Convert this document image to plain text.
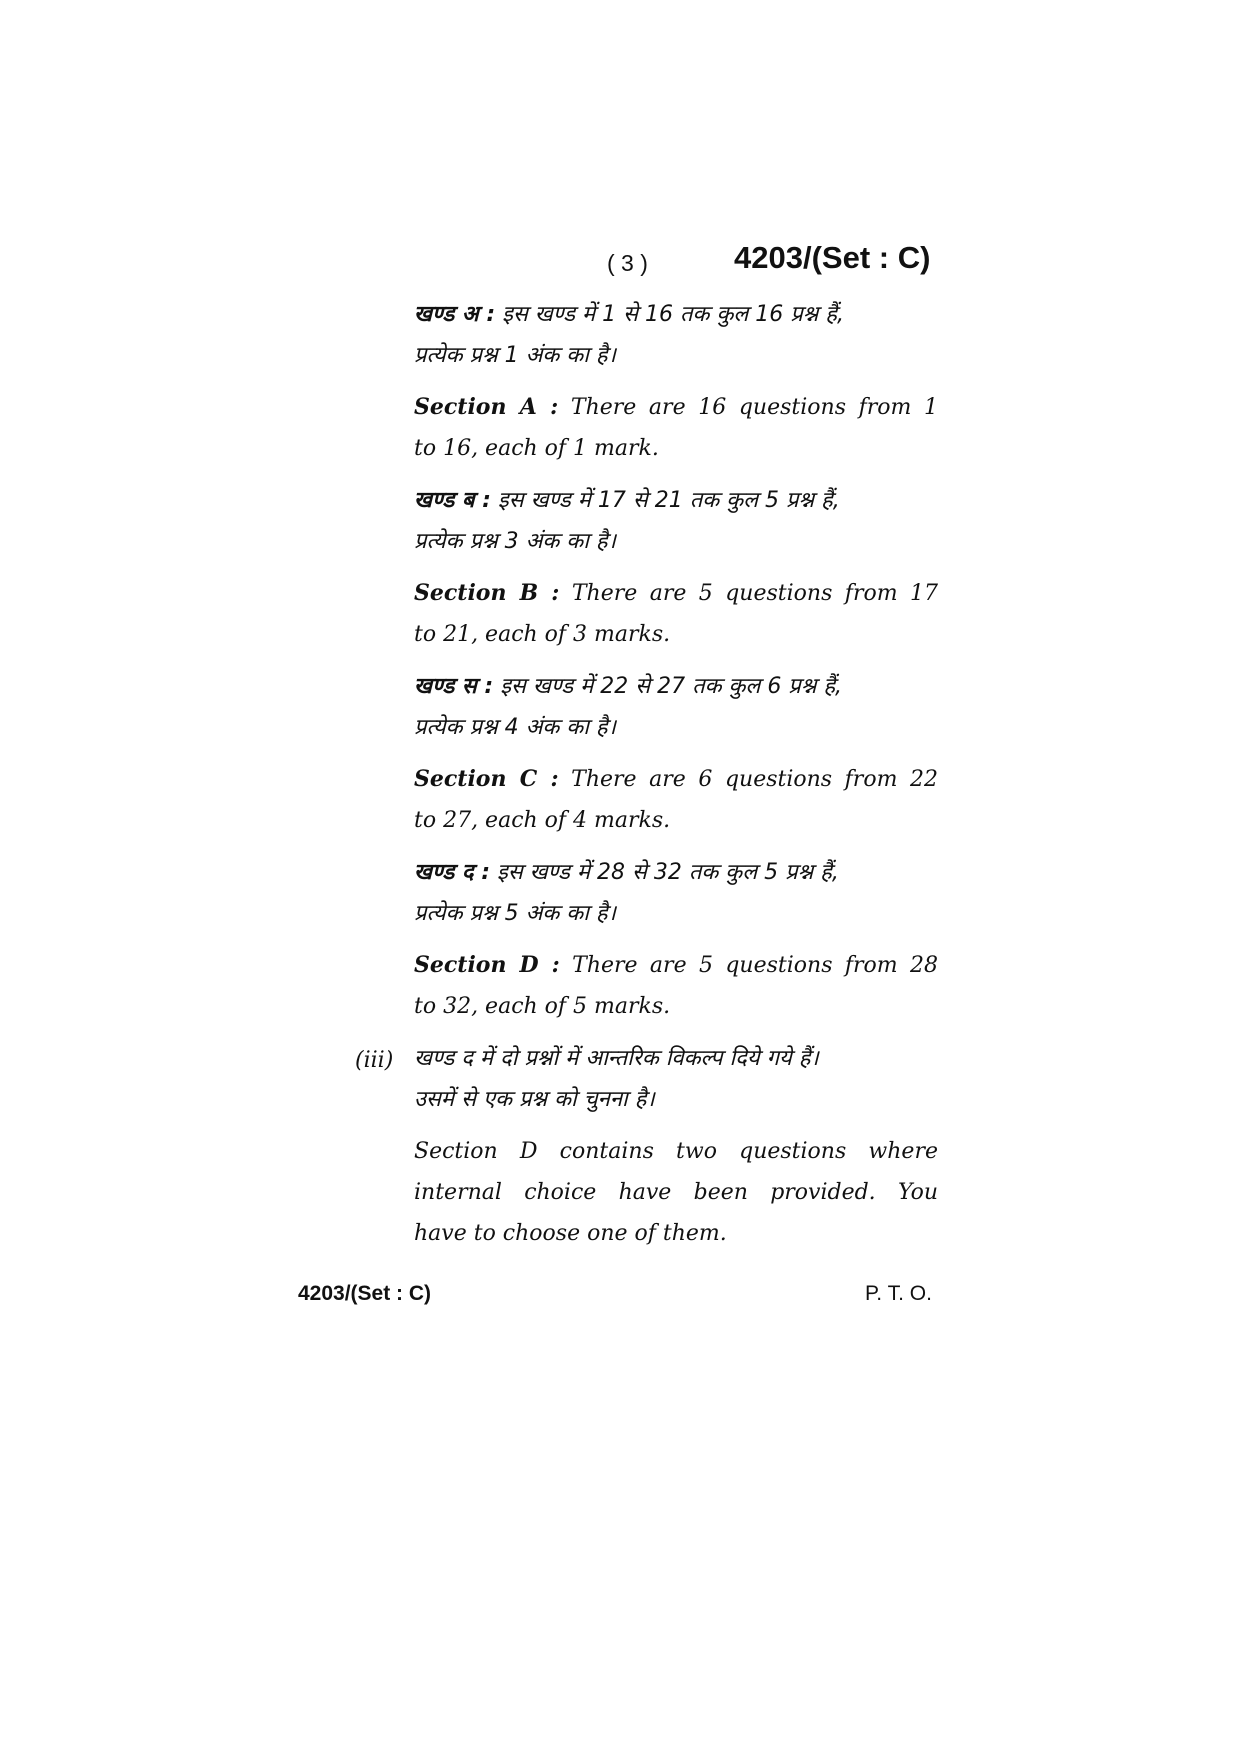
( 3 )	4203/(Set : C)
खण्ड अ : इस खण्ड में 1 से 16 तक कुल 16 प्रश्न हैं,
प्रत्येक प्रश्न 1 अंक का है।
Section A : There are 16 questions from 1
to 16, each of 1 mark.
खण्ड ब : इस खण्ड में 17 से 21 तक कुल 5 प्रश्न हैं,
प्रत्येक प्रश्न 3 अंक का है।
Section B : There are 5 questions from 17
to 21, each of 3 marks.
खण्ड स : इस खण्ड में 22 से 27 तक कुल 6 प्रश्न हैं,
प्रत्येक प्रश्न 4 अंक का है।
Section C : There are 6 questions from 22
to 27, each of 4 marks.
खण्ड द : इस खण्ड में 28 से 32 तक कुल 5 प्रश्न हैं,
प्रत्येक प्रश्न 5 अंक का है।
Section D : There are 5 questions from 28
to 32, each of 5 marks.
खण्ड द में दो प्रश्नों में आन्तरिक विकल्प दिये गये हैं।
उसमें से एक प्रश्न को चुनना है।
Section D contains two questions where
internal choice have been provided. You
have to choose one of them.
(iii)
4203/(Set : C)	P. T. O.
